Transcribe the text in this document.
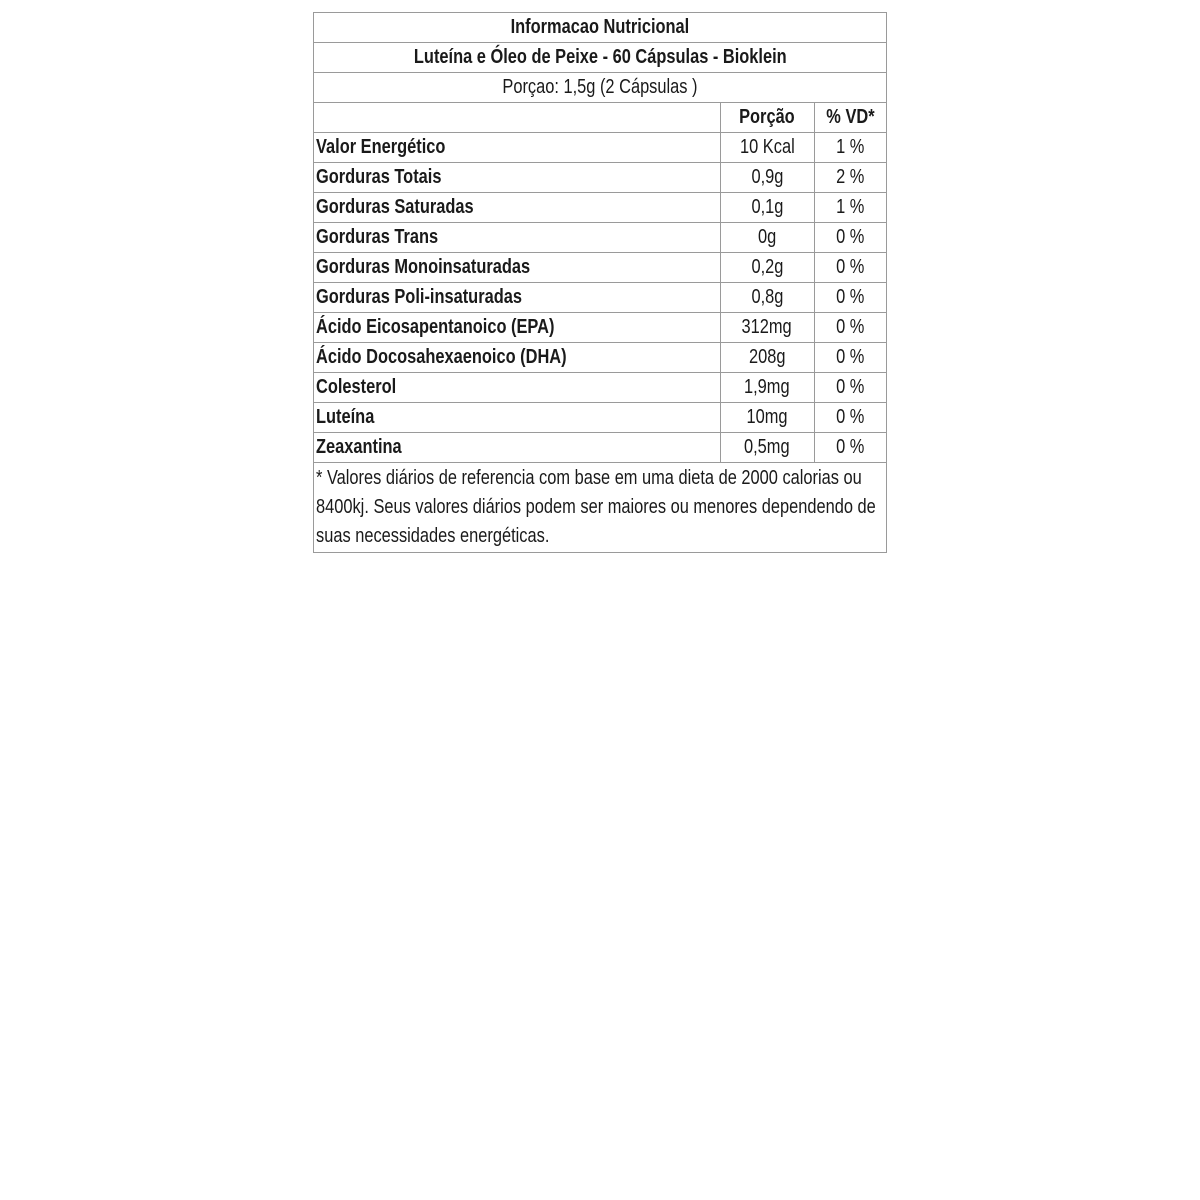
Informacao Nutricional		
Luteína e Óleo de Peixe - 60 Cápsulas - Bioklein		
Porçao: 1,5g (2 Cápsulas )		
	Porção	% VD*
Valor Energético	10 Kcal	1 %
Gorduras Totais	0,9g	2 %
Gorduras Saturadas	0,1g	1 %
Gorduras Trans	0g	0 %
Gorduras Monoinsaturadas	0,2g	0 %
Gorduras Poli-insaturadas	0,8g	0 %
Ácido Eicosapentanoico (EPA)	312mg	0 %
Ácido Docosahexaenoico (DHA)	208g	0 %
Colesterol	1,9mg	0 %
Luteína	10mg	0 %
Zeaxantina	0,5mg	0 %

* Valores diários de referencia com base em uma dieta de 2000 calorias ou 8400kj. Seus valores diários podem ser maiores ou menores dependendo de suas necessidades energéticas.		
